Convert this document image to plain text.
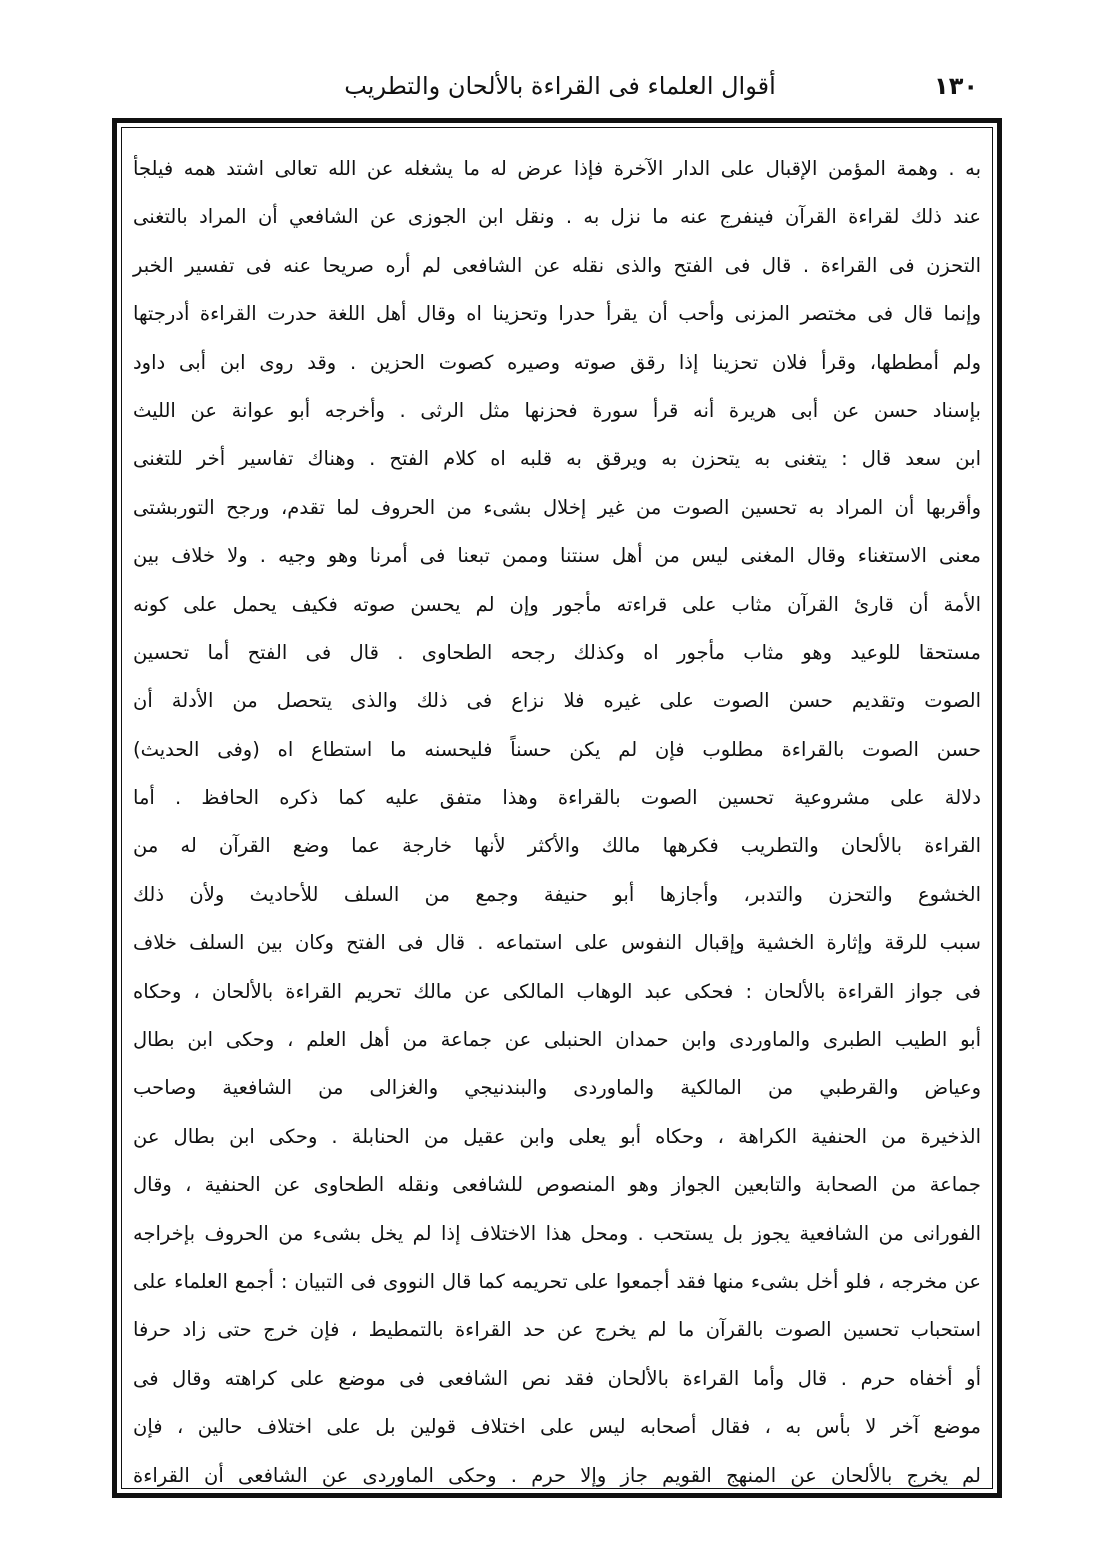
١٣٠
أقوال العلماء فى القراءة بالألحان والتطريب
به . وهمة المؤمن الإقبال على الدار الآخرة فإذا عرض له ما يشغله عن الله تعالى اشتد همه فيلجأ
عند ذلك لقراءة القرآن فينفرج عنه ما نزل به . ونقل ابن الجوزى عن الشافعي أن المراد بالتغنى
التحزن فى القراءة . قال فى الفتح والذى نقله عن الشافعى لم أره صريحا عنه فى تفسير الخبر
وإنما قال فى مختصر المزنى وأحب أن يقرأ حدرا وتحزينا اه وقال أهل اللغة حدرت القراءة أدرجتها
ولم أمططها، وقرأ فلان تحزينا إذا رقق صوته وصيره كصوت الحزين . وقد روى ابن أبى داود
بإسناد حسن عن أبى هريرة أنه قرأ سورة فحزنها مثل الرثى . وأخرجه أبو عوانة عن الليث
ابن سعد قال : يتغنى به يتحزن به ويرقق به قلبه اه كلام الفتح . وهناك تفاسير أخر للتغنى
وأقربها أن المراد به تحسين الصوت من غير إخلال بشىء من الحروف لما تقدم، ورجح التوربشتى
معنى الاستغناء وقال المغنى ليس من أهل سنتنا وممن تبعنا فى أمرنا وهو وجيه . ولا خلاف بين
الأمة أن قارئ القرآن مثاب على قراءته مأجور وإن لم يحسن صوته فكيف يحمل على كونه
مستحقا للوعيد وهو مثاب مأجور اه وكذلك رجحه الطحاوى . قال فى الفتح أما تحسين
الصوت وتقديم حسن الصوت على غيره فلا نزاع فى ذلك والذى يتحصل من الأدلة أن
حسن الصوت بالقراءة مطلوب فإن لم يكن حسناً فليحسنه ما استطاع اه (وفى الحديث)
دلالة على مشروعية تحسين الصوت بالقراءة وهذا متفق عليه كما ذكره الحافظ . أما
القراءة بالألحان والتطريب فكرهها مالك والأكثر لأنها خارجة عما وضع القرآن له من
الخشوع والتحزن والتدبر، وأجازها أبو حنيفة وجمع من السلف للأحاديث ولأن ذلك
سبب للرقة وإثارة الخشية وإقبال النفوس على استماعه . قال فى الفتح وكان بين السلف خلاف
فى جواز القراءة بالألحان : فحكى عبد الوهاب المالكى عن مالك تحريم القراءة بالألحان ، وحكاه
أبو الطيب الطبرى والماوردى وابن حمدان الحنبلى عن جماعة من أهل العلم ، وحكى ابن بطال
وعياض والقرطبي من المالكية والماوردى والبندنيجي والغزالى من الشافعية وصاحب
الذخيرة من الحنفية الكراهة ، وحكاه أبو يعلى وابن عقيل من الحنابلة . وحكى ابن بطال عن
جماعة من الصحابة والتابعين الجواز وهو المنصوص للشافعى ونقله الطحاوى عن الحنفية ، وقال
الفورانى من الشافعية يجوز بل يستحب . ومحل هذا الاختلاف إذا لم يخل بشىء من الحروف بإخراجه
عن مخرجه ، فلو أخل بشىء منها فقد أجمعوا على تحريمه كما قال النووى فى التبيان : أجمع العلماء على
استحباب تحسين الصوت بالقرآن ما لم يخرج عن حد القراءة بالتمطيط ، فإن خرج حتى زاد حرفا
أو أخفاه حرم . قال وأما القراءة بالألحان فقد نص الشافعى فى موضع على كراهته وقال فى
موضع آخر لا بأس به ، فقال أصحابه ليس على اختلاف قولين بل على اختلاف حالين ، فإن
لم يخرج بالألحان عن المنهج القويم جاز وإلا حرم . وحكى الماوردى عن الشافعى أن القراءة
